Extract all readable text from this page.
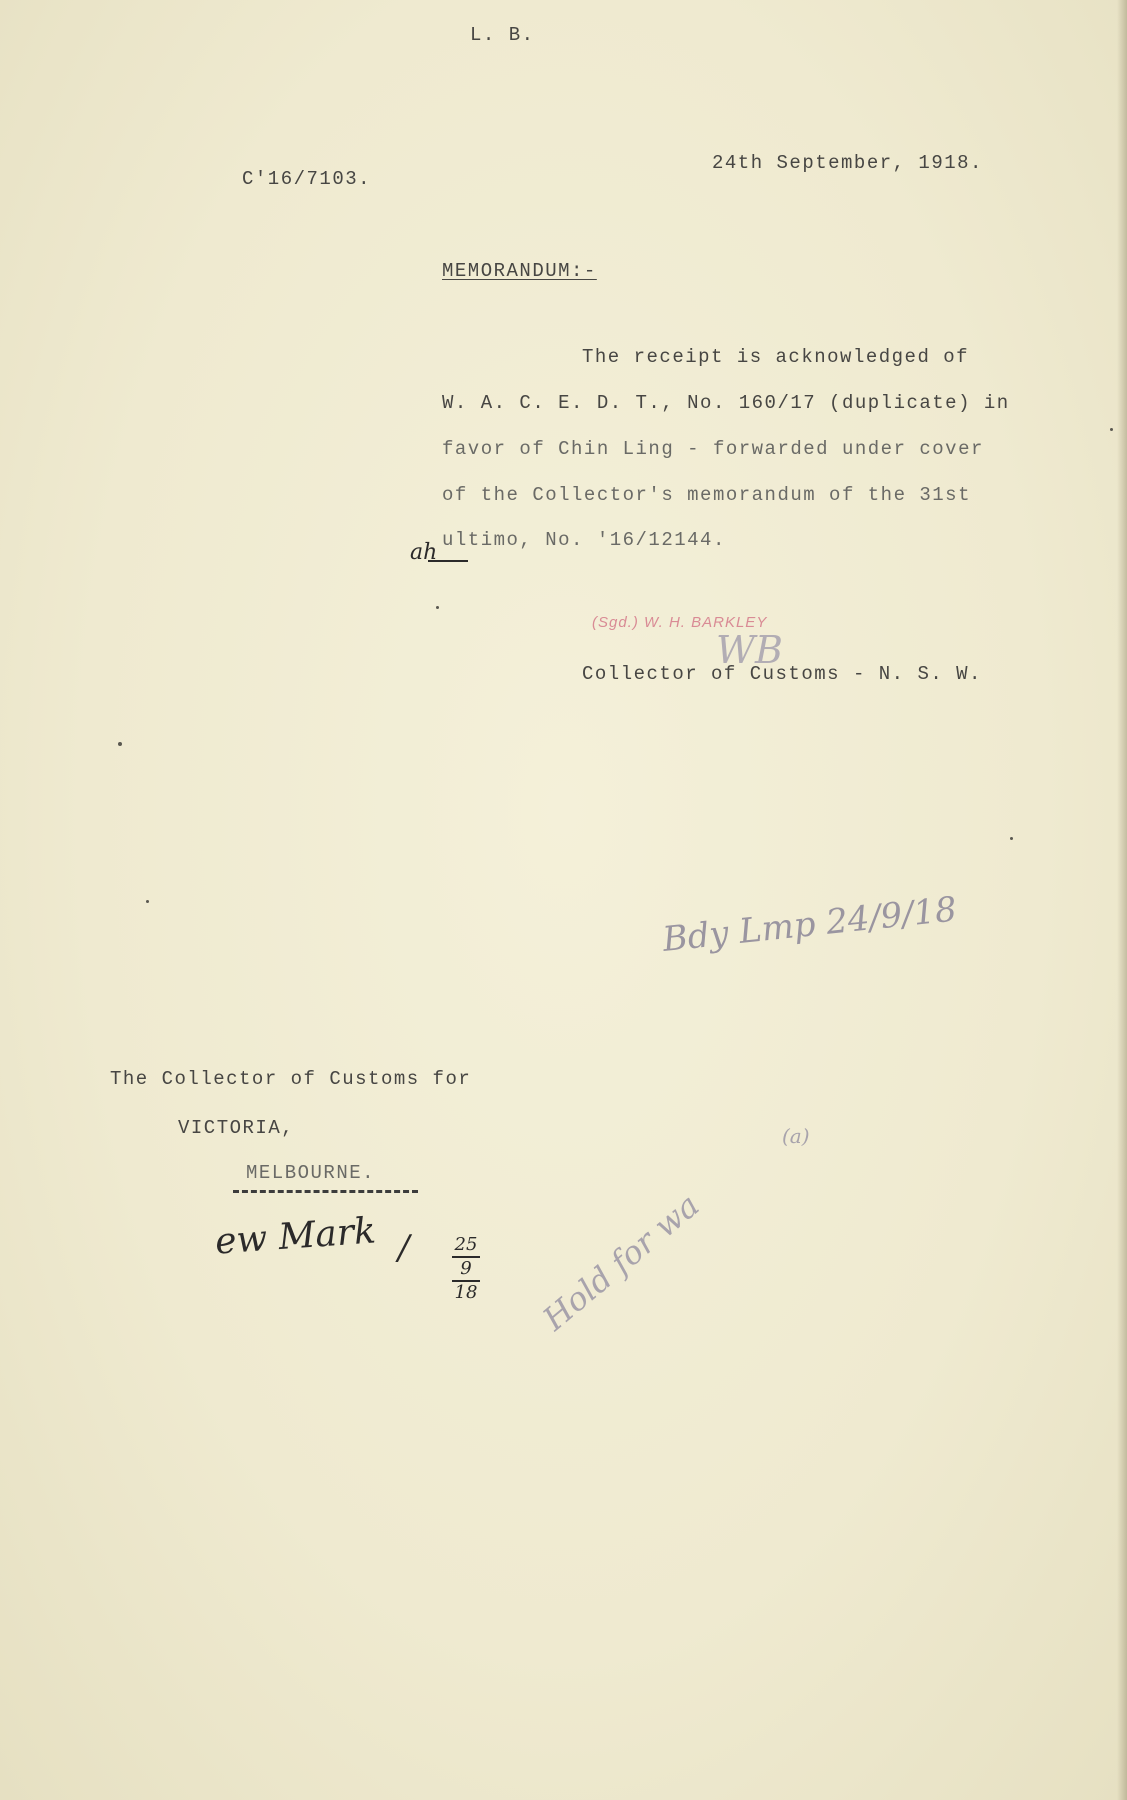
L. B.
C'16/7103.
24th September, 1918.
MEMORANDUM:-
The receipt is acknowledged of
W. A. C. E. D. T., No. 160/17 (duplicate) in
favor of Chin Ling - forwarded under cover
of the Collector's memorandum of the 31st
ultimo, No. '16/12144.
ah
(Sgd.) W. H. BARKLEY
WB
Collector of Customs - N. S. W.
Bdy Lmp 24/9/18
The Collector of Customs for
VICTORIA,
MELBOURNE.
ew Mark /	25
9
18 Hold for wa
(a)
